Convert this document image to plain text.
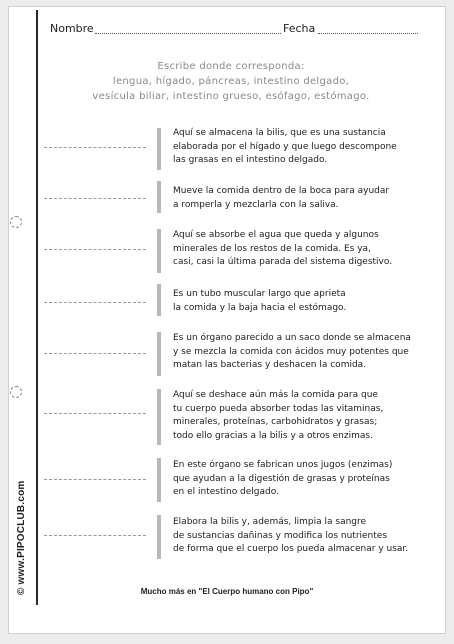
© www.PIPOCLUB.com
Nombre	Fecha
Escribe donde corresponda:
lengua, hígado, páncreas, intestino delgado,
vesícula biliar, intestino grueso, esófago, estómago.
Aquí se almacena la bilis, que es una sustancia
elaborada por el hígado y que luego descompone
las grasas en el intestino delgado.
Mueve la comida dentro de la boca para ayudar
a romperla y mezclarla con la saliva.
Aquí se absorbe el agua que queda y algunos
minerales de los restos de la comida. Es ya,
casi, casi la última parada del sistema digestivo.
Es un tubo muscular largo que aprieta
la comida y la baja hacia el estómago.
Es un órgano parecido a un saco donde se almacena
y se mezcla la comida con ácidos muy potentes que
matan las bacterias y deshacen la comida.
Aquí se deshace aún más la comida para que
tu cuerpo pueda absorber todas las vitaminas,
minerales, proteínas, carbohidratos y grasas;
todo ello gracias a la bilis y a otros enzimas.
En este órgano se fabrican unos jugos (enzimas)
que ayudan a la digestión de grasas y proteínas
en el intestino delgado.
Elabora la bilis y, además, limpia la sangre
de sustancias dañinas y modifica los nutrientes
de forma que el cuerpo los pueda almacenar y usar.
Mucho más en "El Cuerpo humano con Pipo"
